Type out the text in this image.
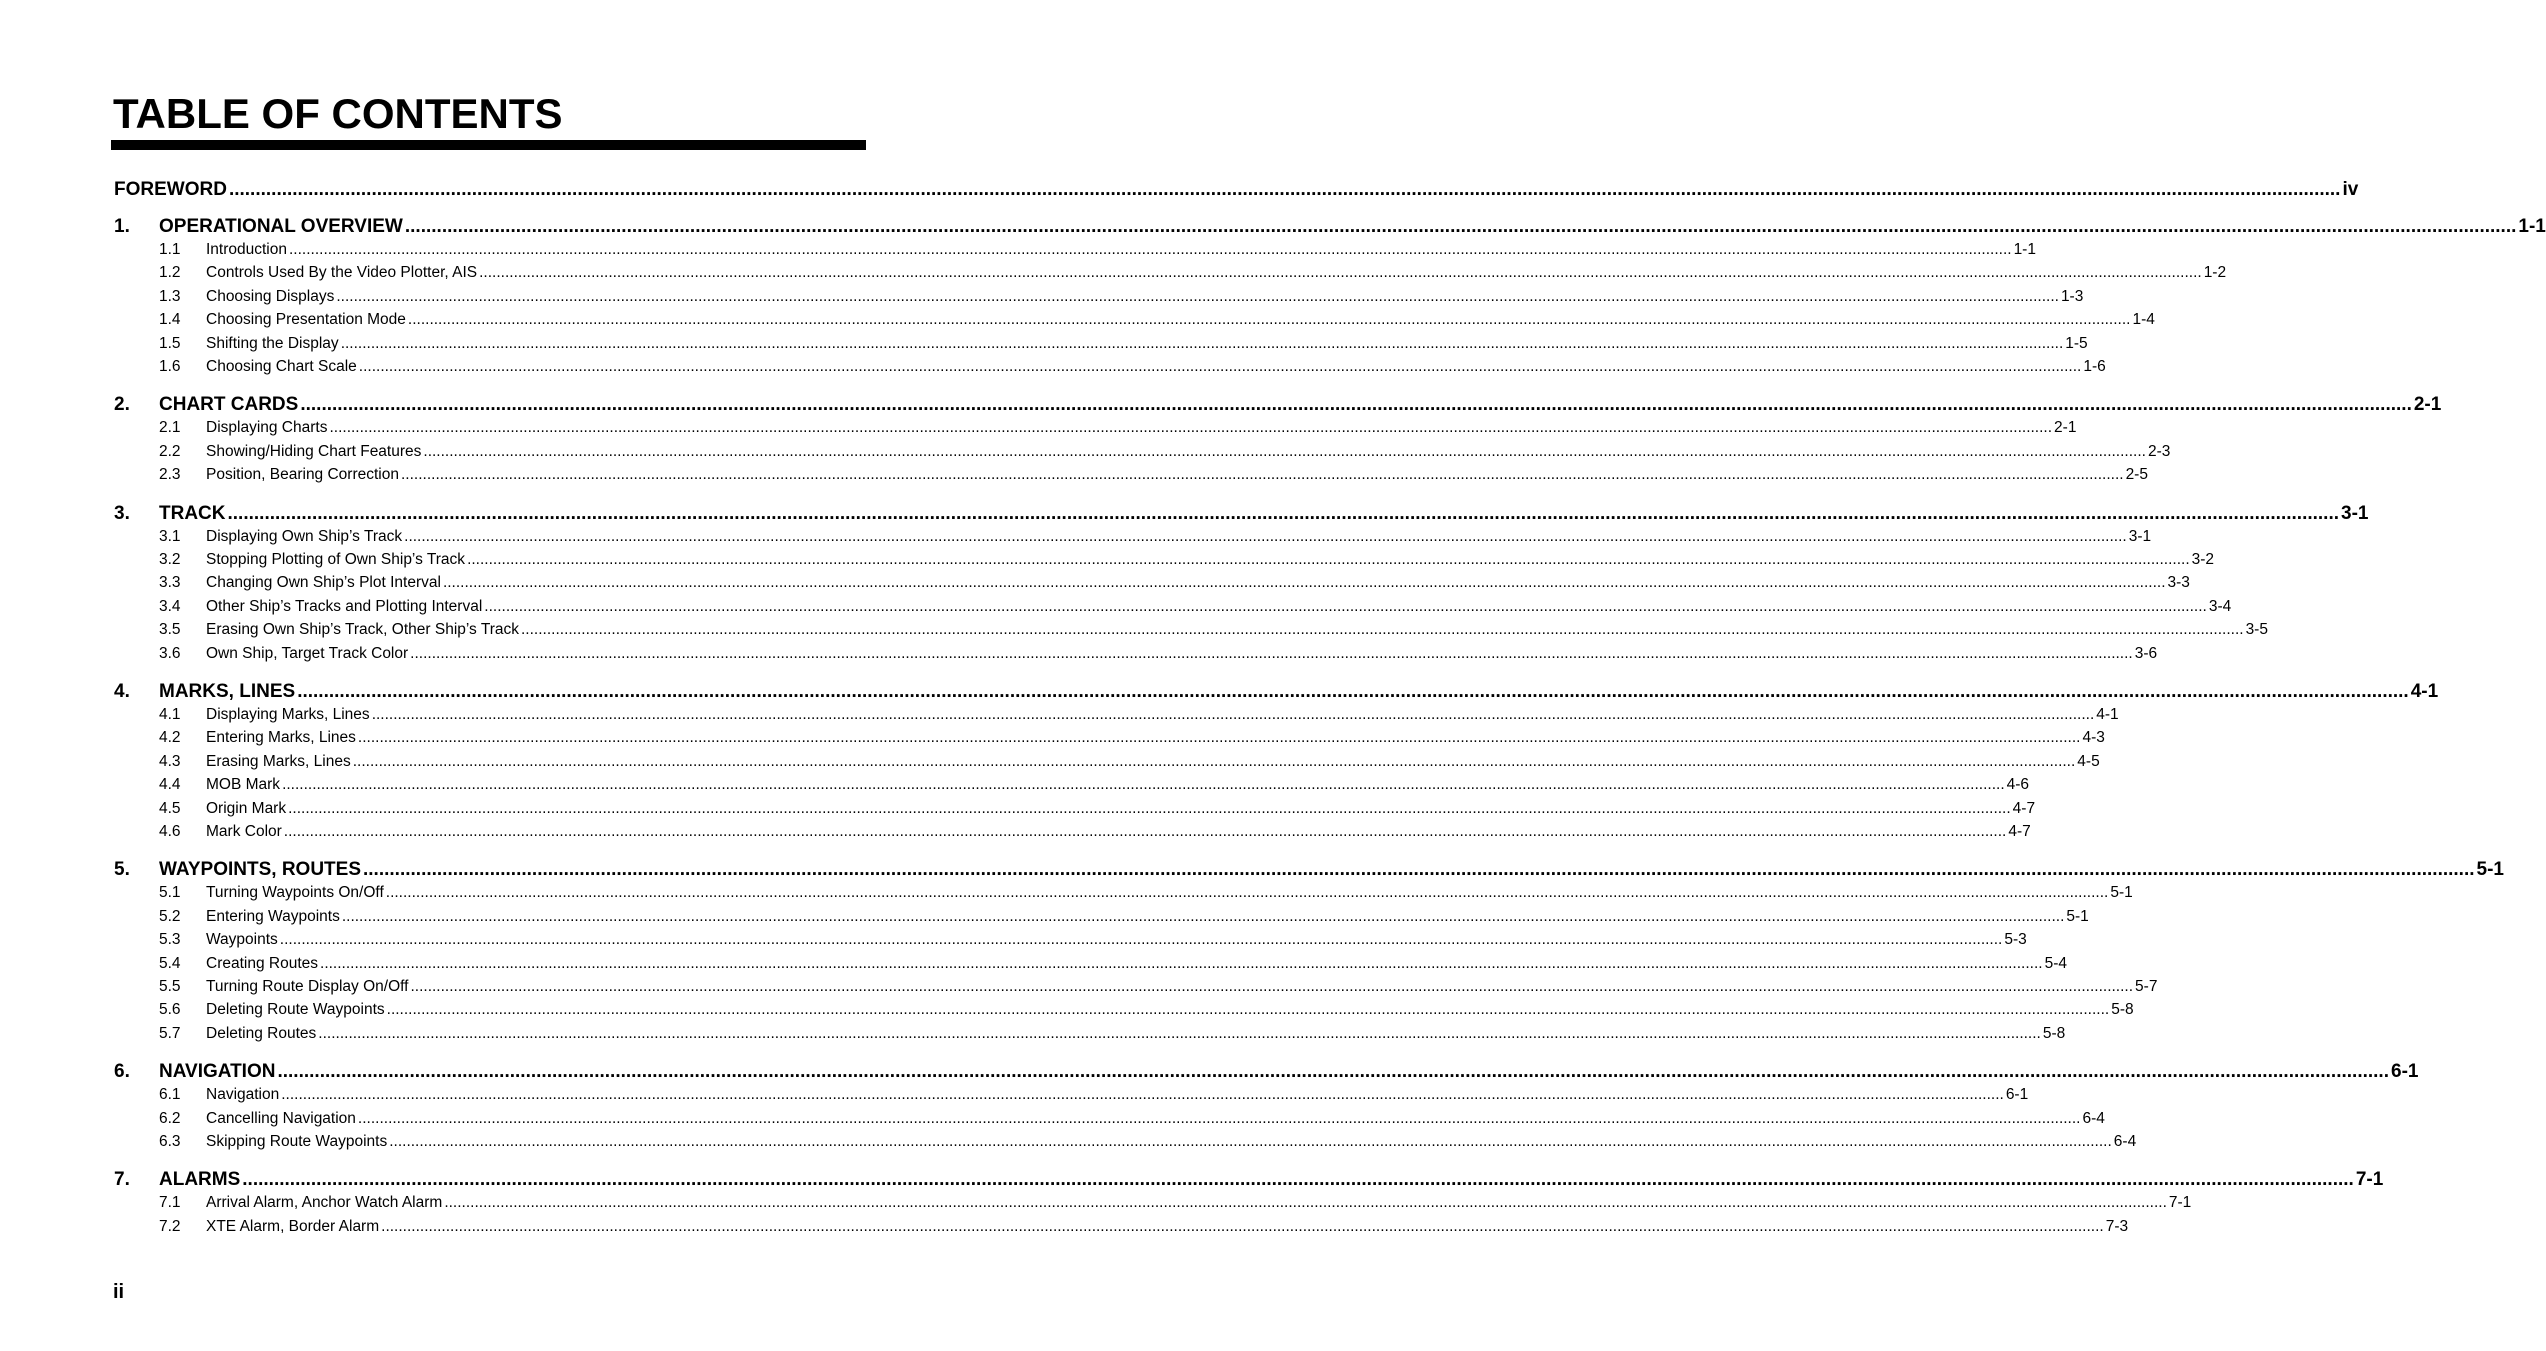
TABLE OF CONTENTS
FOREWORD ................................................................................................................................................................................................................................................................................................................................................................................................................ iv
1.	OPERATIONAL OVERVIEW ................................................................................................................................................................................................................................................................................................................................................................................................................ 1-1
1.1	Introduction ................................................................................................................................................................................................................................................................................................................................................................................................................ 1-1
1.2	Controls Used By the Video Plotter, AIS ................................................................................................................................................................................................................................................................................................................................................................................................................ 1-2
1.3	Choosing Displays ................................................................................................................................................................................................................................................................................................................................................................................................................ 1-3
1.4	Choosing Presentation Mode ................................................................................................................................................................................................................................................................................................................................................................................................................ 1-4
1.5	Shifting the Display ................................................................................................................................................................................................................................................................................................................................................................................................................ 1-5
1.6	Choosing Chart Scale ................................................................................................................................................................................................................................................................................................................................................................................................................ 1-6
2.	CHART CARDS ................................................................................................................................................................................................................................................................................................................................................................................................................ 2-1
2.1	Displaying Charts ................................................................................................................................................................................................................................................................................................................................................................................................................ 2-1
2.2	Showing/Hiding Chart Features ................................................................................................................................................................................................................................................................................................................................................................................................................ 2-3
2.3	Position, Bearing Correction ................................................................................................................................................................................................................................................................................................................................................................................................................ 2-5
3.	TRACK ................................................................................................................................................................................................................................................................................................................................................................................................................ 3-1
3.1	Displaying Own Ship’s Track ................................................................................................................................................................................................................................................................................................................................................................................................................ 3-1
3.2	Stopping Plotting of Own Ship’s Track ................................................................................................................................................................................................................................................................................................................................................................................................................ 3-2
3.3	Changing Own Ship’s Plot Interval ................................................................................................................................................................................................................................................................................................................................................................................................................ 3-3
3.4	Other Ship’s Tracks and Plotting Interval ................................................................................................................................................................................................................................................................................................................................................................................................................ 3-4
3.5	Erasing Own Ship’s Track, Other Ship’s Track ................................................................................................................................................................................................................................................................................................................................................................................................................ 3-5
3.6	Own Ship, Target Track Color ................................................................................................................................................................................................................................................................................................................................................................................................................ 3-6
4.	MARKS, LINES ................................................................................................................................................................................................................................................................................................................................................................................................................ 4-1
4.1	Displaying Marks, Lines ................................................................................................................................................................................................................................................................................................................................................................................................................ 4-1
4.2	Entering Marks, Lines ................................................................................................................................................................................................................................................................................................................................................................................................................ 4-3
4.3	Erasing Marks, Lines ................................................................................................................................................................................................................................................................................................................................................................................................................ 4-5
4.4	MOB Mark ................................................................................................................................................................................................................................................................................................................................................................................................................ 4-6
4.5	Origin Mark ................................................................................................................................................................................................................................................................................................................................................................................................................ 4-7
4.6	Mark Color ................................................................................................................................................................................................................................................................................................................................................................................................................ 4-7
5.	WAYPOINTS, ROUTES ................................................................................................................................................................................................................................................................................................................................................................................................................ 5-1
5.1	Turning Waypoints On/Off ................................................................................................................................................................................................................................................................................................................................................................................................................ 5-1
5.2	Entering Waypoints ................................................................................................................................................................................................................................................................................................................................................................................................................ 5-1
5.3	Waypoints ................................................................................................................................................................................................................................................................................................................................................................................................................ 5-3
5.4	Creating Routes ................................................................................................................................................................................................................................................................................................................................................................................................................ 5-4
5.5	Turning Route Display On/Off ................................................................................................................................................................................................................................................................................................................................................................................................................ 5-7
5.6	Deleting Route Waypoints ................................................................................................................................................................................................................................................................................................................................................................................................................ 5-8
5.7	Deleting Routes ................................................................................................................................................................................................................................................................................................................................................................................................................ 5-8
6.	NAVIGATION ................................................................................................................................................................................................................................................................................................................................................................................................................ 6-1
6.1	Navigation ................................................................................................................................................................................................................................................................................................................................................................................................................ 6-1
6.2	Cancelling Navigation ................................................................................................................................................................................................................................................................................................................................................................................................................ 6-4
6.3	Skipping Route Waypoints ................................................................................................................................................................................................................................................................................................................................................................................................................ 6-4
7.	ALARMS ................................................................................................................................................................................................................................................................................................................................................................................................................ 7-1
7.1	Arrival Alarm, Anchor Watch Alarm ................................................................................................................................................................................................................................................................................................................................................................................................................ 7-1
7.2	XTE Alarm, Border Alarm ................................................................................................................................................................................................................................................................................................................................................................................................................ 7-3
ii
